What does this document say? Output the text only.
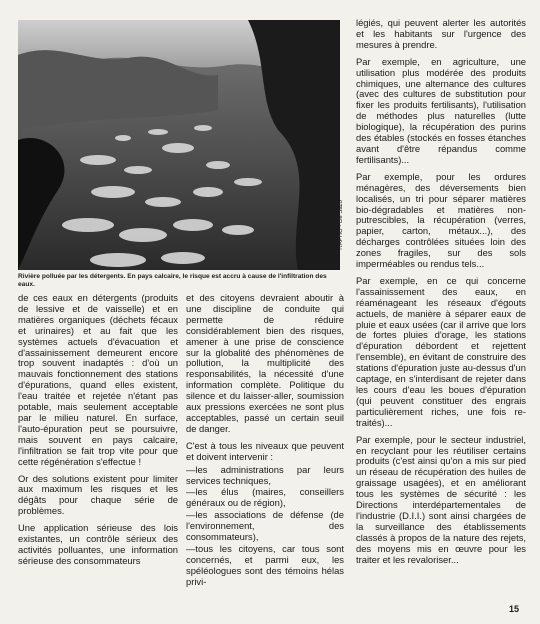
RAPHO - De Sazo
Rivière polluée par les détergents. En pays calcaire, le risque est accru à cause de l'infiltration des eaux.

de ces eaux en détergents (produits de lessive et de vaisselle) et en matières organiques (déchets fécaux et urinaires) et au fait que les systèmes actuels d'évacuation et d'assainissement demeurent encore trop souvent inadaptés : d'où un mauvais fonctionnement des stations d'épurations, quand elles existent, l'eau traitée et rejetée n'étant pas potable, mais seulement acceptable par le milieu naturel. En surface, l'auto-épuration peut se poursuivre, mais souvent en pays calcaire, l'infiltration se fait trop vite pour que cette régénération s'effectue !

Or des solutions existent pour limiter aux maximum les risques et les dégâts pour chaque série de problèmes.

Une application sérieuse des lois existantes, un contrôle sérieux des activités polluantes, une information sérieuse des consommateurs

et des citoyens devraient aboutir à une discipline de conduite qui permette de réduire considérablement bien des risques, amener à une prise de conscience sur la globalité des phénomènes de pollution, la multiplicité des responsabilités, la nécessité d'une information complète. Politique du silence et du laisser-aller, soumission aux pressions exercées ne sont plus acceptables, passé un certain seuil de danger.

C'est à tous les niveaux que peuvent et doivent intervenir :

— les administrations par leurs services techniques,

— les élus (maires, conseillers généraux ou de région),

— les associations de défense (de l'environnement, des consommateurs),

— tous les citoyens, car tous sont concernés, et parmi eux, les spéléologues sont des témoins hélas privi-

légiés, qui peuvent alerter les autorités et les habitants sur l'urgence des mesures à prendre.

Par exemple, en agriculture, une utilisation plus modérée des produits chimiques, une alternance des cultures (avec des cultures de substitution pour fixer les produits fertilisants), l'utilisation de méthodes plus naturelles (lutte biologique), la récupération des purins des étables (stockés en fosses étanches avant d'être répandus comme fertilisants)...

Par exemple, pour les ordures ménagères, des déversements bien localisés, un tri pour séparer matières bio-dégradables et matières non-putrescibles, la récupération (verres, papier, carton, métaux...), des décharges contrôlées situées loin des zones fragiles, sur des sols imperméables ou rendus tels...

Par exemple, en ce qui concerne l'assainissement des eaux, en réaménageant les réseaux d'égouts actuels, de manière à séparer eaux de pluie et eaux usées (car il arrive que lors de fortes pluies d'orage, les stations d'épuration débordent et rejettent l'ensemble), en évitant de construire des stations d'épuration juste au-dessus d'un captage, en s'interdisant de rejeter dans les cours d'eau les boues d'épuration (qui peuvent constituer des engrais particulièrement riches, une fois re-traités)...

Par exemple, pour le secteur industriel, en recyclant pour les réutiliser certains produits (c'est ainsi qu'on a mis sur pied un réseau de récupération des huiles de graissage usagées), et en améliorant tous les systèmes de sécurité : les Directions interdépartementales de l'industrie (D.I.I.) sont ainsi chargées de la surveillance des établissements classés à propos de la nature des rejets, des moyens mis en œuvre pour les traiter et les revaloriser...

15
